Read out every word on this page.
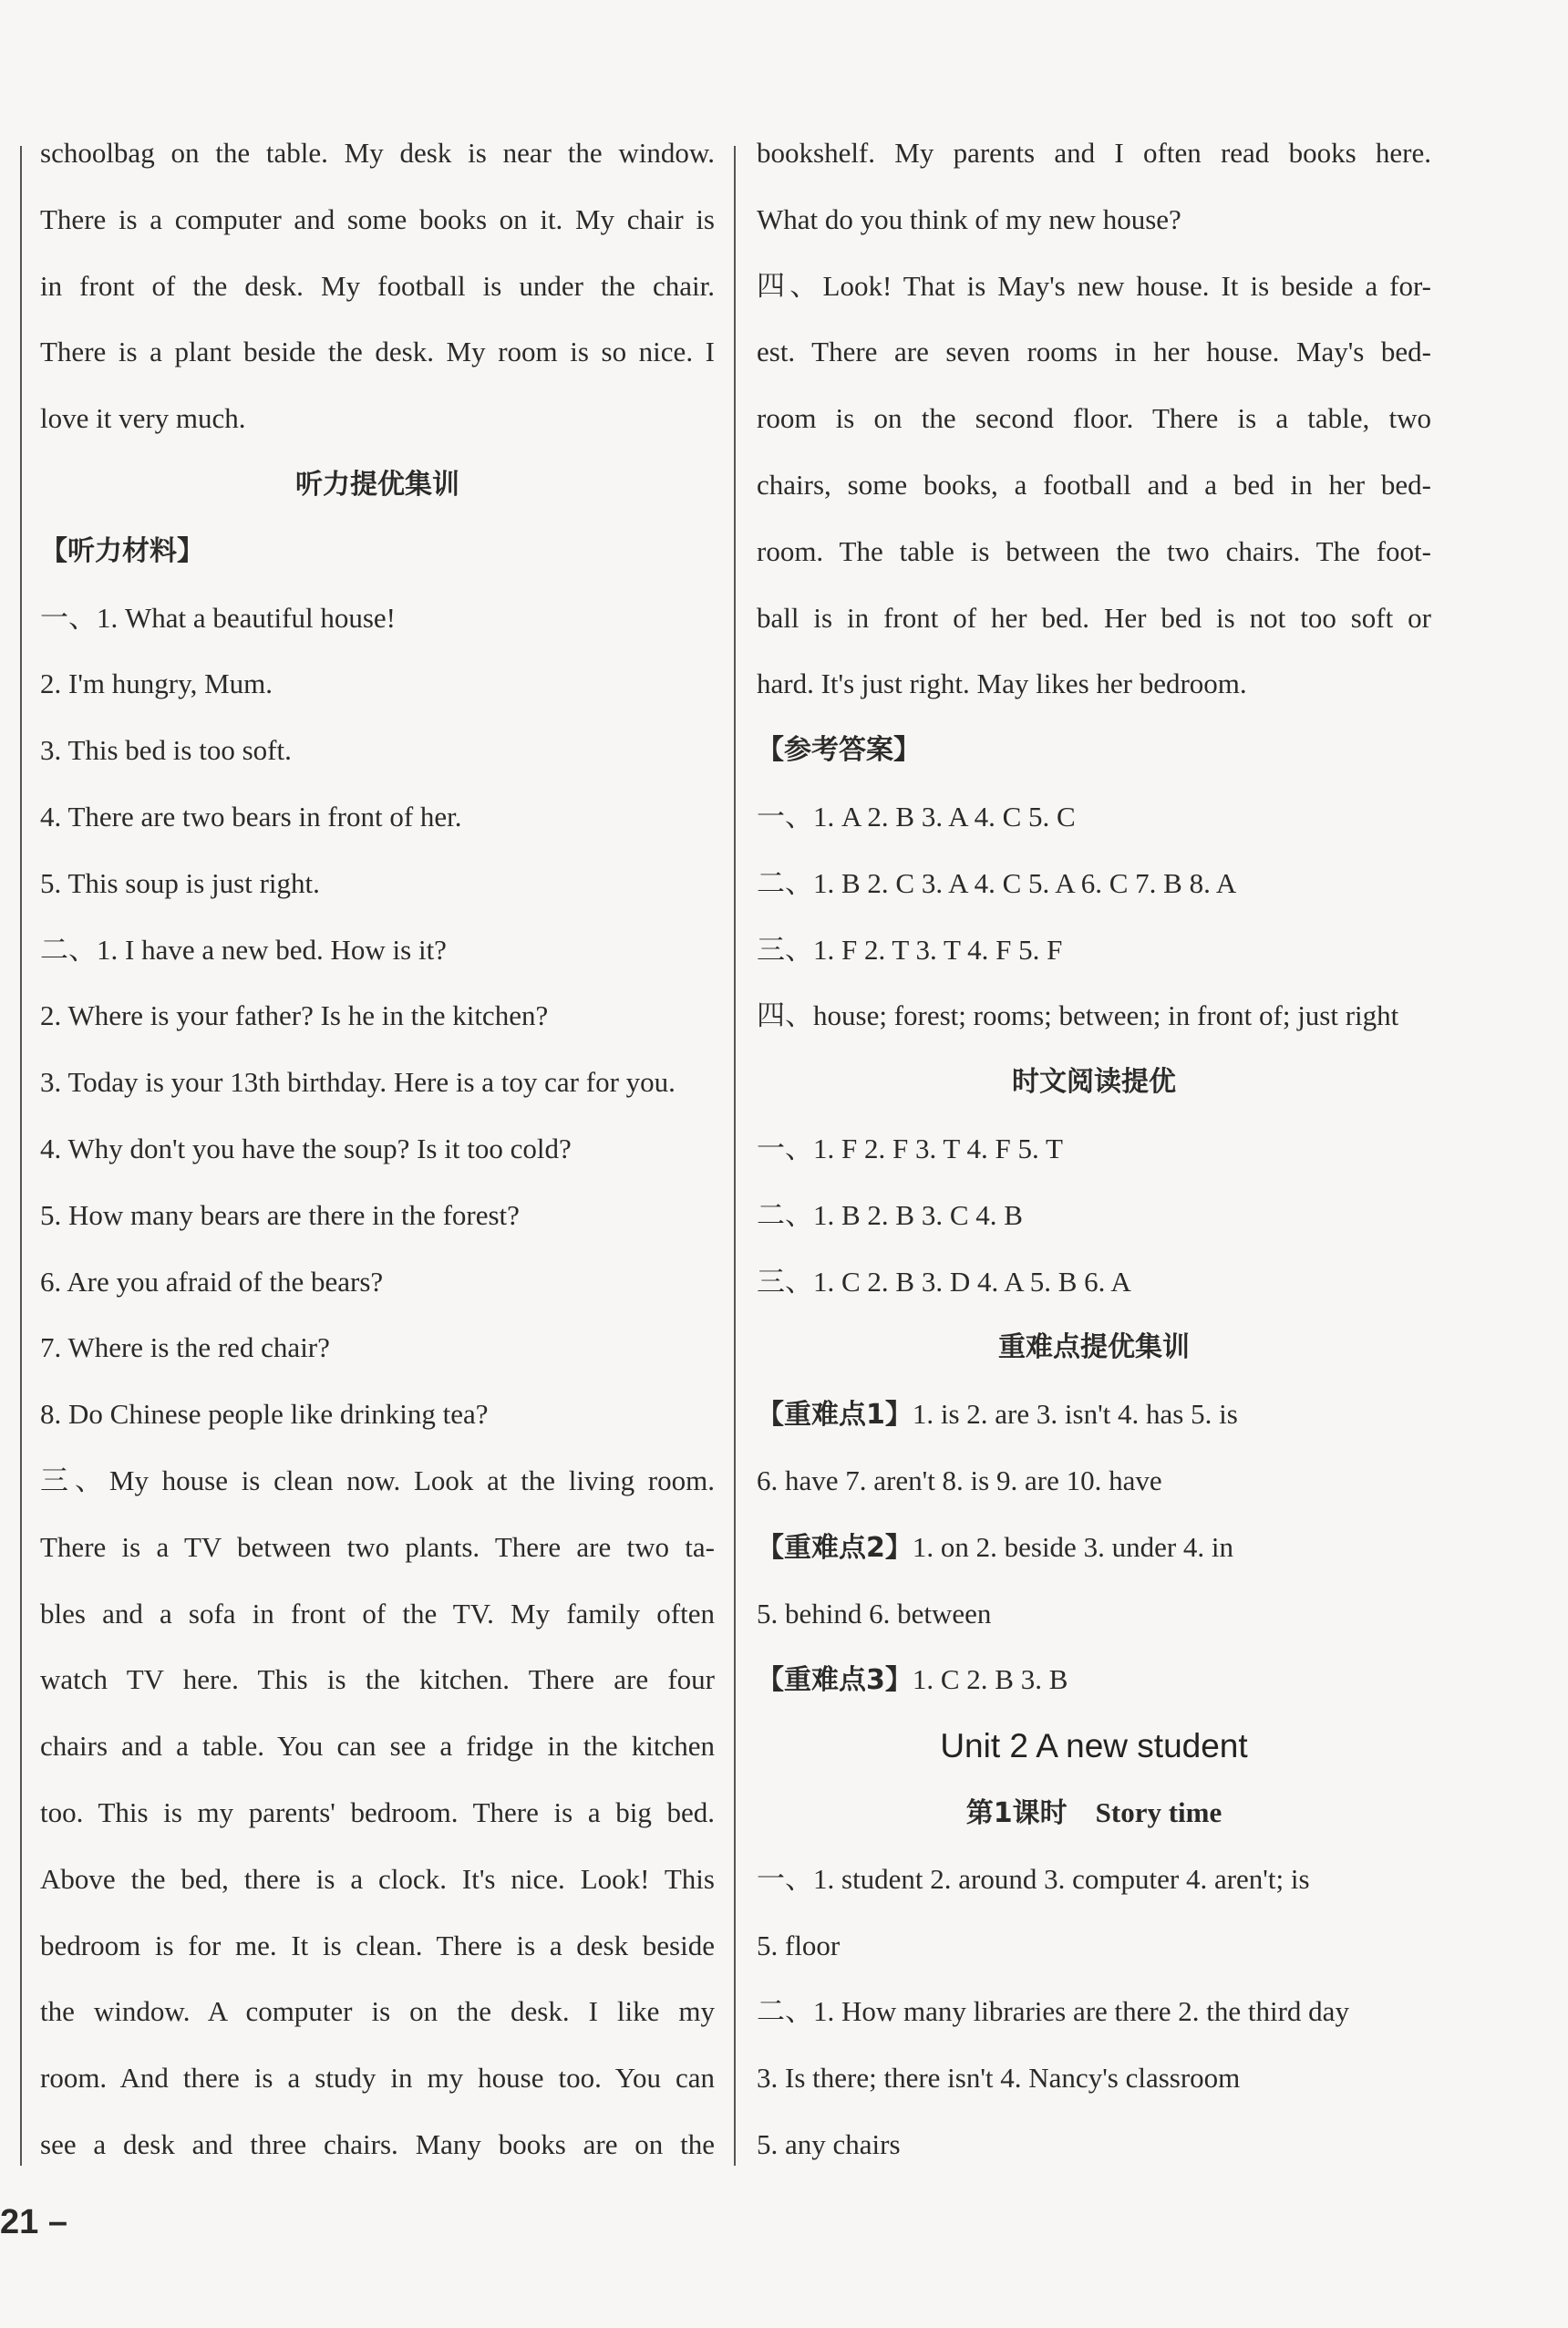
schoolbag on the table. My desk is near the window.
There is a computer and some books on it. My chair is
in front of the desk. My football is under the chair.
There is a plant beside the desk. My room is so nice. I
love it very much.
听力提优集训
【听力材料】
一、1. What a beautiful house!
2. I'm hungry, Mum.
3. This bed is too soft.
4. There are two bears in front of her.
5. This soup is just right.
二、1. I have a new bed. How is it?
2. Where is your father? Is he in the kitchen?
3. Today is your 13th birthday. Here is a toy car for you.
4. Why don't you have the soup? Is it too cold?
5. How many bears are there in the forest?
6. Are you afraid of the bears?
7. Where is the red chair?
8. Do Chinese people like drinking tea?
三、My house is clean now. Look at the living room.
There is a TV between two plants. There are two ta-
bles and a sofa in front of the TV. My family often
watch TV here. This is the kitchen. There are four
chairs and a table. You can see a fridge in the kitchen
too. This is my parents' bedroom. There is a big bed.
Above the bed, there is a clock. It's nice. Look! This
bedroom is for me. It is clean. There is a desk beside
the window. A computer is on the desk. I like my
room. And there is a study in my house too. You can
see a desk and three chairs. Many books are on the
bookshelf. My parents and I often read books here.
What do you think of my new house?
四、Look! That is May's new house. It is beside a for-
est. There are seven rooms in her house. May's bed-
room is on the second floor. There is a table, two
chairs, some books, a football and a bed in her bed-
room. The table is between the two chairs. The foot-
ball is in front of her bed. Her bed is not too soft or
hard. It's just right. May likes her bedroom.
【参考答案】
一、1. A 2. B 3. A 4. C 5. C
二、1. B 2. C 3. A 4. C 5. A 6. C 7. B 8. A
三、1. F 2. T 3. T 4. F 5. F
四、house; forest; rooms; between; in front of; just right
时文阅读提优
一、1. F 2. F 3. T 4. F 5. T
二、1. B 2. B 3. C 4. B
三、1. C 2. B 3. D 4. A 5. B 6. A
重难点提优集训
【重难点1】1. is 2. are 3. isn't 4. has 5. is
6. have 7. aren't 8. is 9. are 10. have
【重难点2】1. on 2. beside 3. under 4. in
5. behind 6. between
【重难点3】1. C 2. B 3. B
Unit 2 A new student
第1课时  Story time
一、1. student 2. around 3. computer 4. aren't; is
5. floor
二、1. How many libraries are there 2. the third day
3. Is there; there isn't 4. Nancy's classroom
5. any chairs
21 –
